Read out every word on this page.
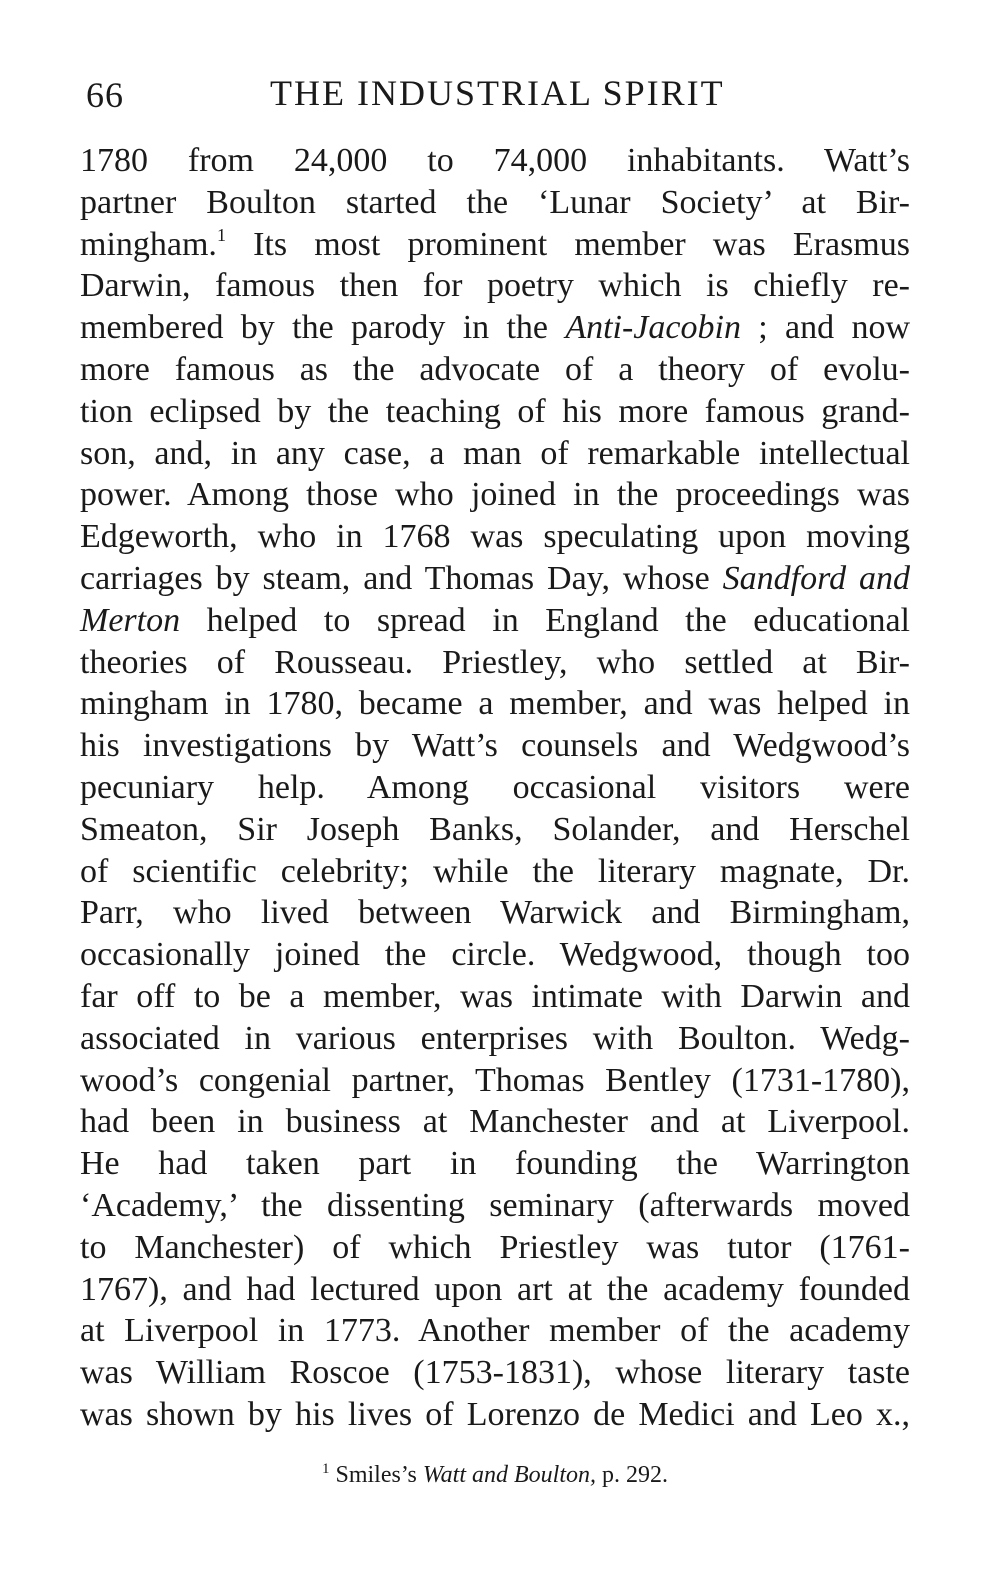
66	THE INDUSTRIAL SPIRIT
1780 from 24,000 to 74,000 inhabitants. Watt’s
partner Boulton started the ‘Lunar Society’ at Bir-
mingham.$^1$ Its most prominent member was Erasmus
Darwin, famous then for poetry which is chiefly re-
membered by the parody in the Anti-Jacobin ; and now
more famous as the advocate of a theory of evolu-
tion eclipsed by the teaching of his more famous grand-
son, and, in any case, a man of remarkable intellectual
power. Among those who joined in the proceedings was
Edgeworth, who in 1768 was speculating upon moving
carriages by steam, and Thomas Day, whose Sandford and
Merton helped to spread in England the educational
theories of Rousseau. Priestley, who settled at Bir-
mingham in 1780, became a member, and was helped in
his investigations by Watt’s counsels and Wedgwood’s
pecuniary help. Among occasional visitors were
Smeaton, Sir Joseph Banks, Solander, and Herschel
of scientific celebrity; while the literary magnate, Dr.
Parr, who lived between Warwick and Birmingham,
occasionally joined the circle. Wedgwood, though too
far off to be a member, was intimate with Darwin and
associated in various enterprises with Boulton. Wedg-
wood’s congenial partner, Thomas Bentley (1731-1780),
had been in business at Manchester and at Liverpool.
He had taken part in founding the Warrington
‘Academy,’ the dissenting seminary (afterwards moved
to Manchester) of which Priestley was tutor (1761-
1767), and had lectured upon art at the academy founded
at Liverpool in 1773. Another member of the academy
was William Roscoe (1753-1831), whose literary taste
was shown by his lives of Lorenzo de Medici and Leo x.,
$^1$ Smiles’s Watt and Boulton, p. 292.
